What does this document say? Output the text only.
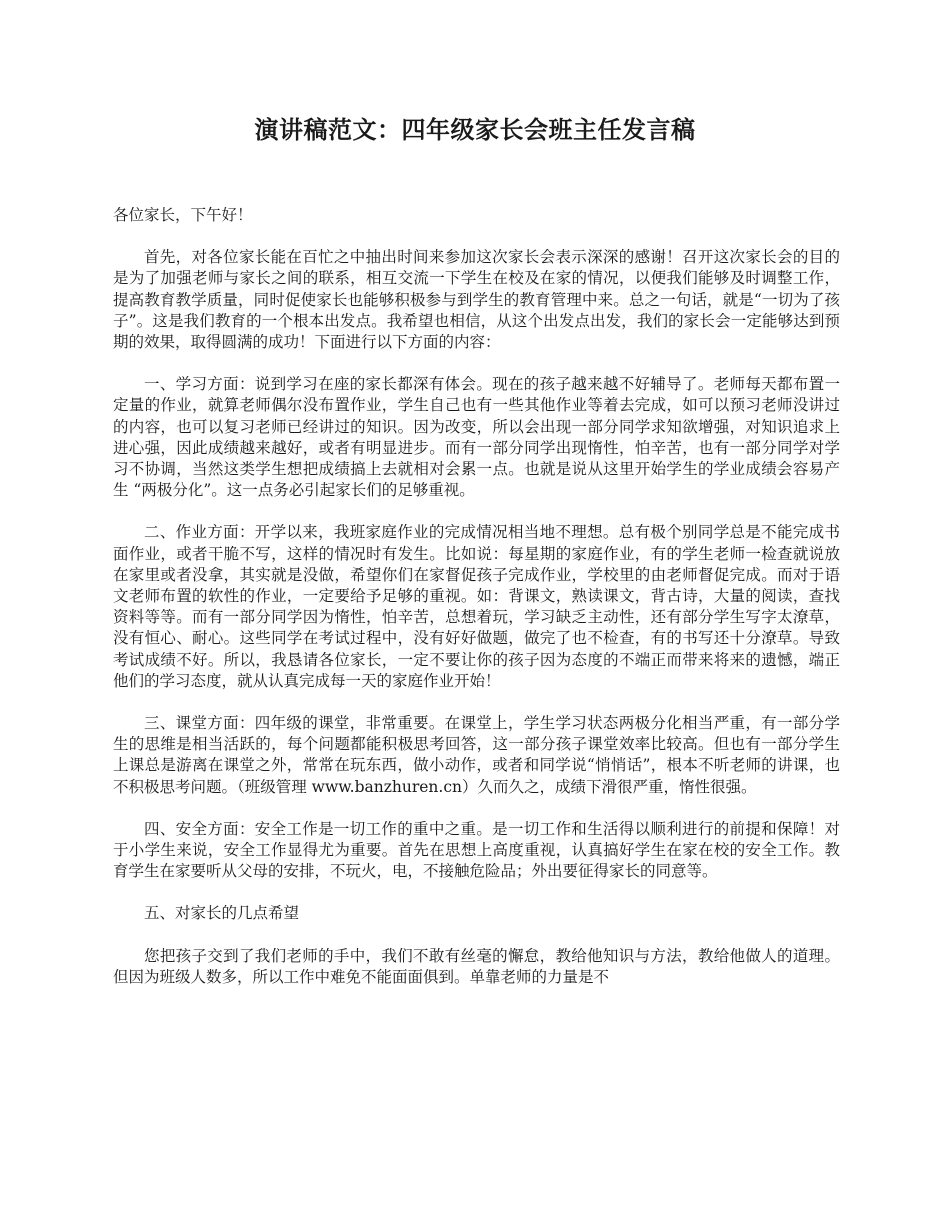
演讲稿范文：四年级家长会班主任发言稿

各位家长，下午好！

首先，对各位家长能在百忙之中抽出时间来参加这次家长会表示深深的感谢！召开这次家长会的目的是为了加强老师与家长之间的联系，相互交流一下学生在校及在家的情况，以便我们能够及时调整工作，提高教育教学质量，同时促使家长也能够积极参与到学生的教育管理中来。总之一句话，就是“一切为了孩子”。这是我们教育的一个根本出发点。我希望也相信，从这个出发点出发，我们的家长会一定能够达到预期的效果，取得圆满的成功！下面进行以下方面的内容：

一、学习方面：说到学习在座的家长都深有体会。现在的孩子越来越不好辅导了。老师每天都布置一定量的作业，就算老师偶尔没布置作业，学生自己也有一些其他作业等着去完成，如可以预习老师没讲过的内容，也可以复习老师已经讲过的知识。因为改变，所以会出现一部分同学求知欲增强，对知识追求上进心强，因此成绩越来越好，或者有明显进步。而有一部分同学出现惰性，怕辛苦，也有一部分同学对学习不协调，当然这类学生想把成绩搞上去就相对会累一点。也就是说从这里开始学生的学业成绩会容易产生 “两极分化”。这一点务必引起家长们的足够重视。

二、作业方面：开学以来，我班家庭作业的完成情况相当地不理想。总有极个别同学总是不能完成书面作业，或者干脆不写，这样的情况时有发生。比如说：每星期的家庭作业，有的学生老师一检查就说放在家里或者没拿，其实就是没做，希望你们在家督促孩子完成作业，学校里的由老师督促完成。而对于语文老师布置的软性的作业，一定要给予足够的重视。如：背课文，熟读课文，背古诗，大量的阅读，查找资料等等。而有一部分同学因为惰性，怕辛苦，总想着玩，学习缺乏主动性，还有部分学生写字太潦草，没有恒心、耐心。这些同学在考试过程中，没有好好做题，做完了也不检查，有的书写还十分潦草。导致考试成绩不好。所以，我恳请各位家长，一定不要让你的孩子因为态度的不端正而带来将来的遗憾，端正他们的学习态度，就从认真完成每一天的家庭作业开始！

三、课堂方面：四年级的课堂，非常重要。在课堂上，学生学习状态两极分化相当严重，有一部分学生的思维是相当活跃的，每个问题都能积极思考回答，这一部分孩子课堂效率比较高。但也有一部分学生上课总是游离在课堂之外，常常在玩东西，做小动作，或者和同学说“悄悄话”，根本不听老师的讲课，也不积极思考问题。（班级管理 www.banzhuren.cn）久而久之，成绩下滑很严重，惰性很强。

四、安全方面：安全工作是一切工作的重中之重。是一切工作和生活得以顺利进行的前提和保障！对于小学生来说，安全工作显得尤为重要。首先在思想上高度重视，认真搞好学生在家在校的安全工作。教育学生在家要听从父母的安排，不玩火，电，不接触危险品；外出要征得家长的同意等。

五、对家长的几点希望

您把孩子交到了我们老师的手中，我们不敢有丝毫的懈怠，教给他知识与方法，教给他做人的道理。但因为班级人数多，所以工作中难免不能面面俱到。单靠老师的力量是不
